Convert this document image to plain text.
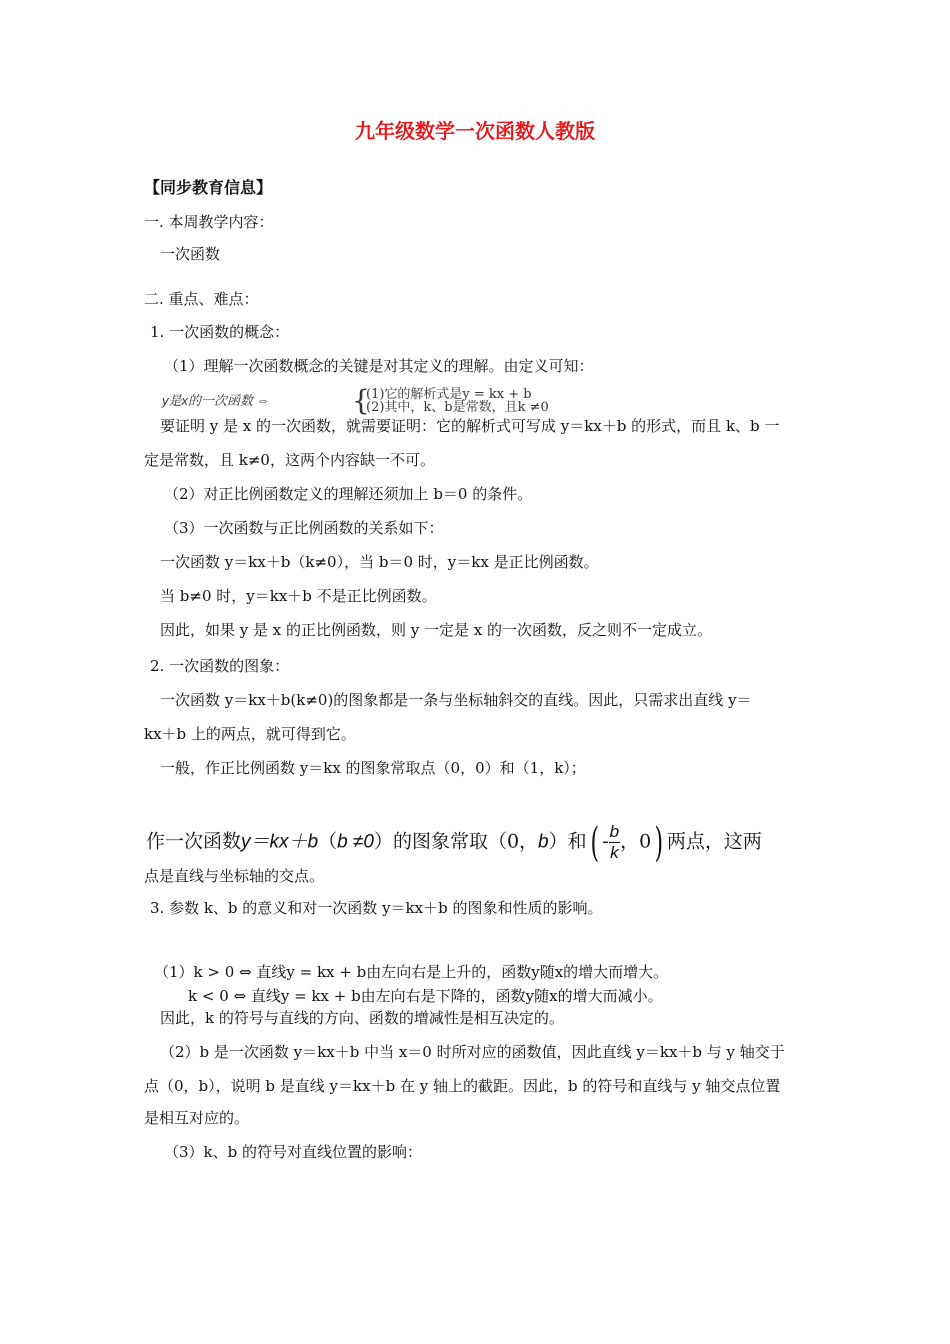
九年级数学一次函数人教版
【同步教育信息】
一. 本周教学内容：
一次函数
二. 重点、难点：
1. 一次函数的概念：
（1）理解一次函数概念的关键是对其定义的理解。由定义可知：
y是x的一次函数 ⇔	{
(1)它的解析式是y = kx + b
(2)其中，k、b是常数，且k ≠0
要证明 y 是 x 的一次函数，就需要证明：它的解析式可写成 y＝kx＋b 的形式，而且 k、b 一
定是常数，且 k≠0，这两个内容缺一不可。
（2）对正比例函数定义的理解还须加上 b＝0 的条件。
（3）一次函数与正比例函数的关系如下：
一次函数 y＝kx＋b（k≠0），当 b＝0 时，y＝kx 是正比例函数。
当 b≠0 时，y＝kx＋b 不是正比例函数。
因此，如果 y 是 x 的正比例函数，则 y 一定是 x 的一次函数，反之则不一定成立。
2. 一次函数的图象：
一次函数 y＝kx＋b(k≠0)的图象都是一条与坐标轴斜交的直线。因此，只需求出直线 y＝
kx＋b 上的两点，就可得到它。
一般，作正比例函数 y＝kx 的图象常取点（0，0）和（1，k）；
作一次函数y＝kx＋b（b ≠0）的图象常取（0，b）和( - $\frac{b}{k}$ ，0) 两点，这两
点是直线与坐标轴的交点。
3. 参数 k、b 的意义和对一次函数 y＝kx＋b 的图象和性质的影响。
（1）k > 0 ⇔ 直线y = kx + b由左向右是上升的，函数y随x的增大而增大。
k < 0 ⇔ 直线y = kx + b由左向右是下降的，函数y随x的增大而减小。
因此，k 的符号与直线的方向、函数的增减性是相互决定的。
（2）b 是一次函数 y＝kx＋b 中当 x＝0 时所对应的函数值，因此直线 y＝kx＋b 与 y 轴交于
点（0，b），说明 b 是直线 y＝kx＋b 在 y 轴上的截距。因此，b 的符号和直线与 y 轴交点位置
是相互对应的。
（3）k、b 的符号对直线位置的影响：
